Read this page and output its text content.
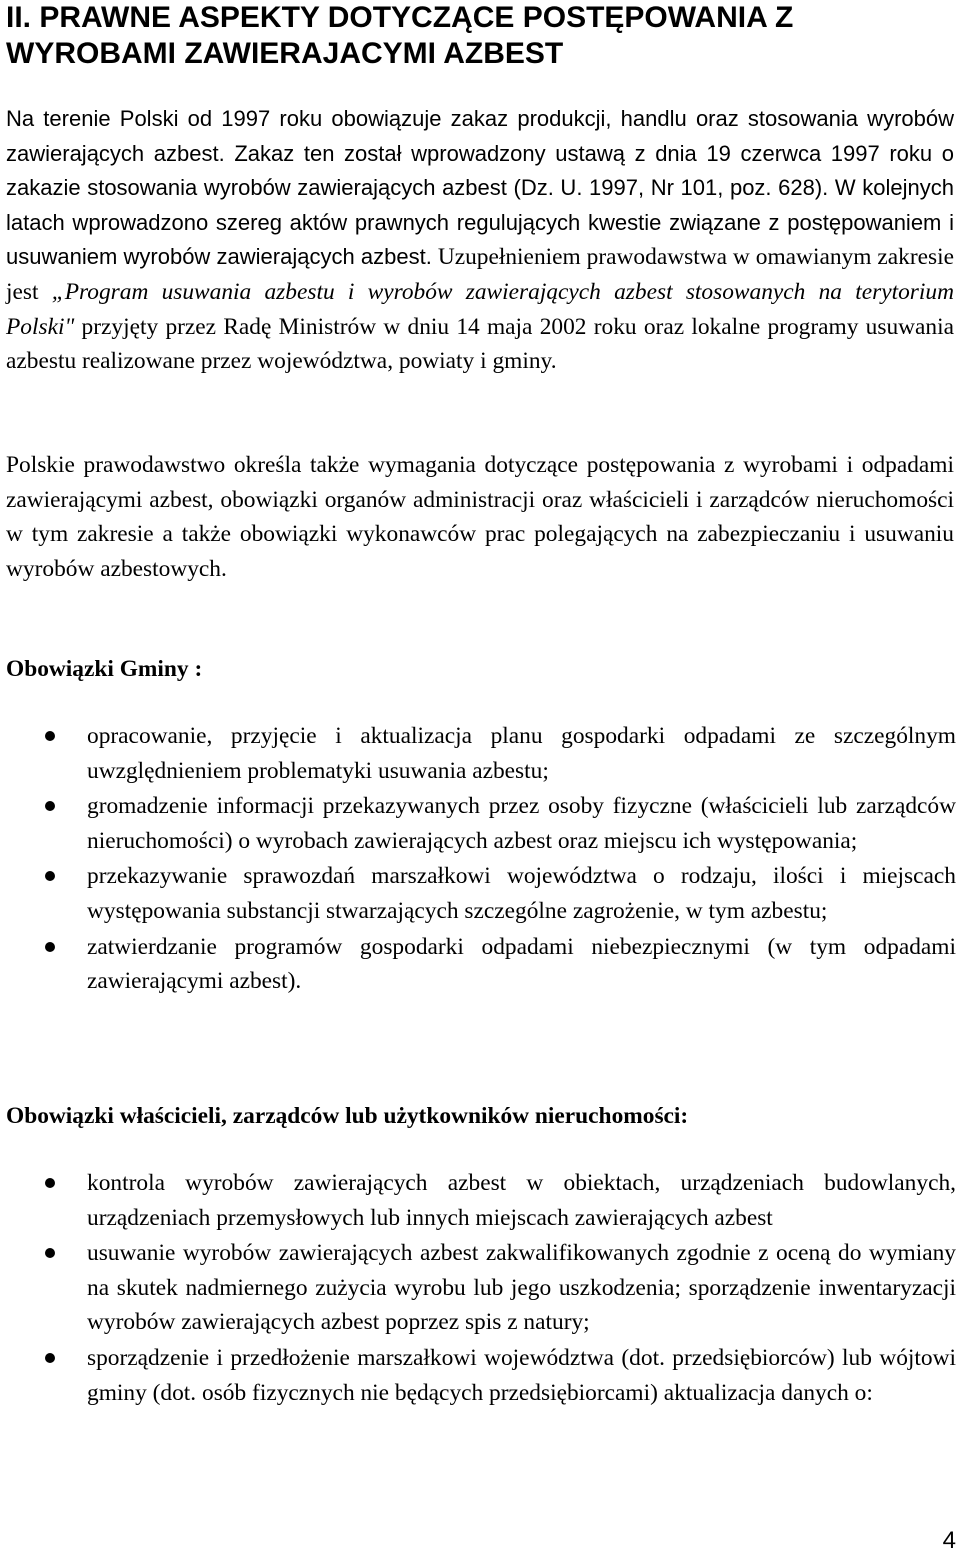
II. PRAWNE ASPEKTY DOTYCZĄCE POSTĘPOWANIA Z WYROBAMI ZAWIERAJACYMI AZBEST

Na terenie Polski od 1997 roku obowiązuje zakaz produkcji, handlu oraz stosowania wyrobów zawierających azbest. Zakaz ten został wprowadzony ustawą z dnia 19 czerwca 1997 roku o zakazie stosowania wyrobów zawierających azbest (Dz. U. 1997, Nr 101, poz. 628). W kolejnych latach wprowadzono szereg aktów prawnych regulujących kwestie związane z postępowaniem i usuwaniem wyrobów zawierających azbest. Uzupełnieniem prawodawstwa w omawianym zakresie jest „Program usuwania azbestu i wyrobów zawierających azbest stosowanych na terytorium Polski" przyjęty przez Radę Ministrów w dniu 14 maja 2002 roku oraz lokalne programy usuwania azbestu realizowane przez województwa, powiaty i gminy.

Polskie prawodawstwo określa także wymagania dotyczące postępowania z wyrobami i odpadami zawierającymi azbest, obowiązki organów administracji oraz właścicieli i zarządców nieruchomości w tym zakresie a także obowiązki wykonawców prac polegających na zabezpieczaniu i usuwaniu wyrobów azbestowych.

Obowiązki Gminy :
opracowanie, przyjęcie i aktualizacja planu gospodarki odpadami ze szczególnym uwzględnieniem problematyki usuwania azbestu;
gromadzenie informacji przekazywanych przez osoby fizyczne (właścicieli lub zarządców nieruchomości) o wyrobach zawierających azbest oraz miejscu ich występowania;
przekazywanie sprawozdań marszałkowi województwa o rodzaju, ilości i miejscach występowania substancji stwarzających szczególne zagrożenie, w tym azbestu;
zatwierdzanie programów gospodarki odpadami niebezpiecznymi (w tym odpadami zawierającymi azbest).
Obowiązki właścicieli, zarządców lub użytkowników nieruchomości:
kontrola wyrobów zawierających azbest w obiektach, urządzeniach budowlanych, urządzeniach przemysłowych lub innych miejscach zawierających azbest
usuwanie wyrobów zawierających azbest zakwalifikowanych zgodnie z oceną do wymiany na skutek nadmiernego zużycia wyrobu lub jego uszkodzenia; sporządzenie inwentaryzacji wyrobów zawierających azbest poprzez spis z natury;
sporządzenie i przedłożenie marszałkowi województwa (dot. przedsiębiorców) lub wójtowi gminy (dot. osób fizycznych nie będących przedsiębiorcami) aktualizacja danych o:
4
